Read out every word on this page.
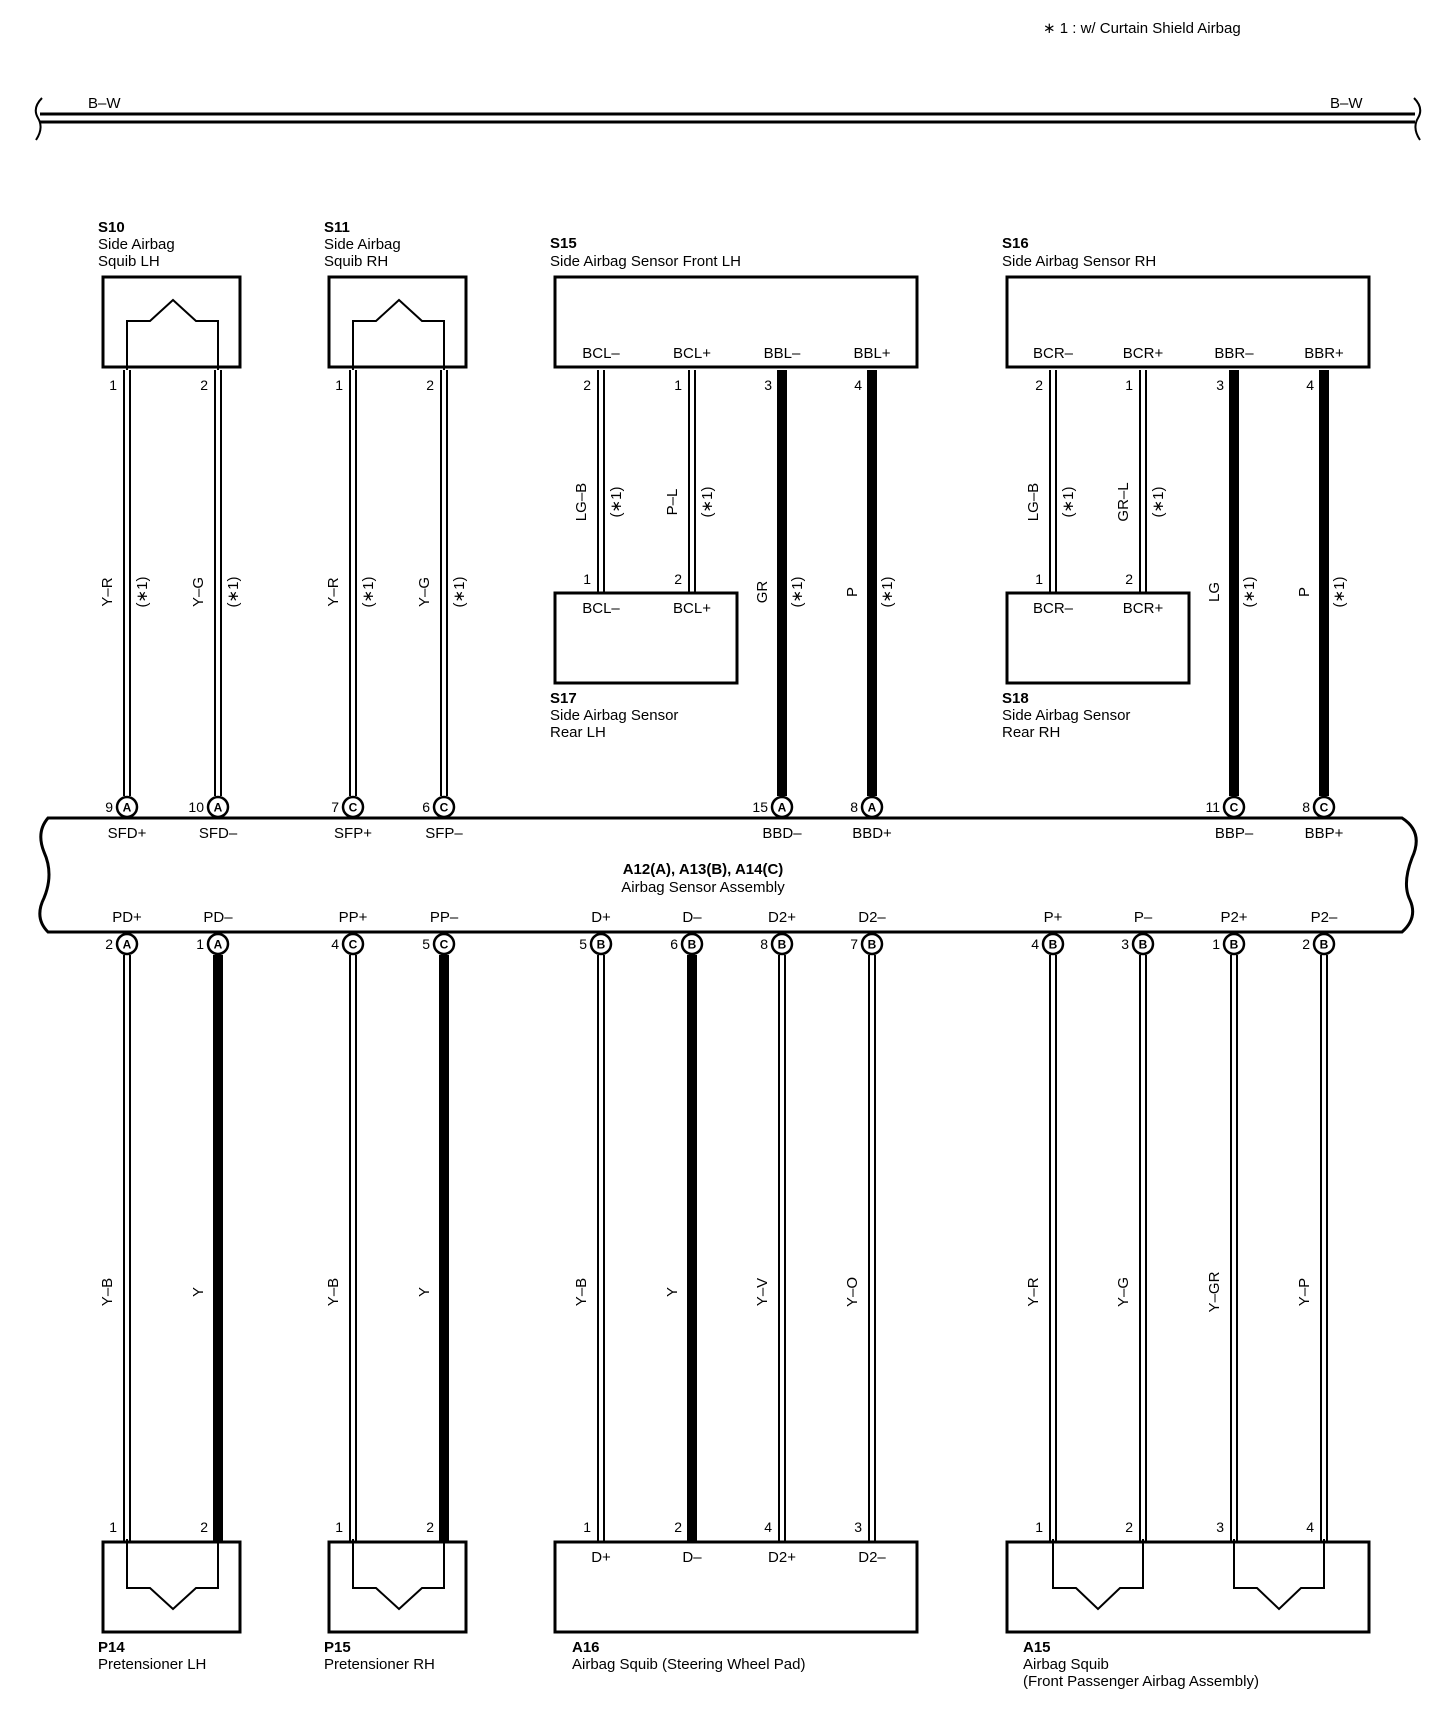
∗ 1 : w/ Curtain Shield Airbag
B–W	B–W
S10
Side Airbag
Squib LH
S11
Side Airbag
Squib RH
S15
Side Airbag Sensor Front LH
BCL–	BCL+	BBL–	BBL+
S16
Side Airbag Sensor RH
BCR–	BCR+	BBR–	BBR+
BCL–	BCL+
S17
Side Airbag Sensor
Rear LH
BCR–	BCR+
S18
Side Airbag Sensor
Rear RH
A12(A), A13(B), A14(C)
Airbag Sensor Assembly
P14
Pretensioner LH
P15
Pretensioner RH
D+	D–	D2+	D2–
A16
Airbag Squib (Steering Wheel Pad)
A15
Airbag Squib
(Front Passenger Airbag Assembly)
SFD+	SFD–	SFP+	SFP–	BBD–	BBD+	BBP–	BBP+
PD+	PD–	PP+	PP–	D+	D–	D2+	D2–	P+	P–	P2+	P2–
1
Y–R (∗1)
A
9
2
Y–G (∗1)
A
10
1
Y–R (∗1)
C
7
2
Y–G (∗1)
C
6
3
GR (∗1)
A
15
4
P (∗1)
A
8
3
LG (∗1)
C
11
4
P (∗1)
C
8
2
1
LG–B (∗1)
1
2
P–L (∗1)
2
1
LG–B (∗1)
1
2
GR–L (∗1)
A
2
Y–B
1
A
1
Y
2
C
4
Y–B
1
C
5
Y
2
B
5
Y–B
1
B
6
Y
2
B
8
Y–V
4
B
7
Y–O
3
B
4
Y–R
1
B
3
Y–G
2
B
1
Y–GR
3
B
2
Y–P
4
